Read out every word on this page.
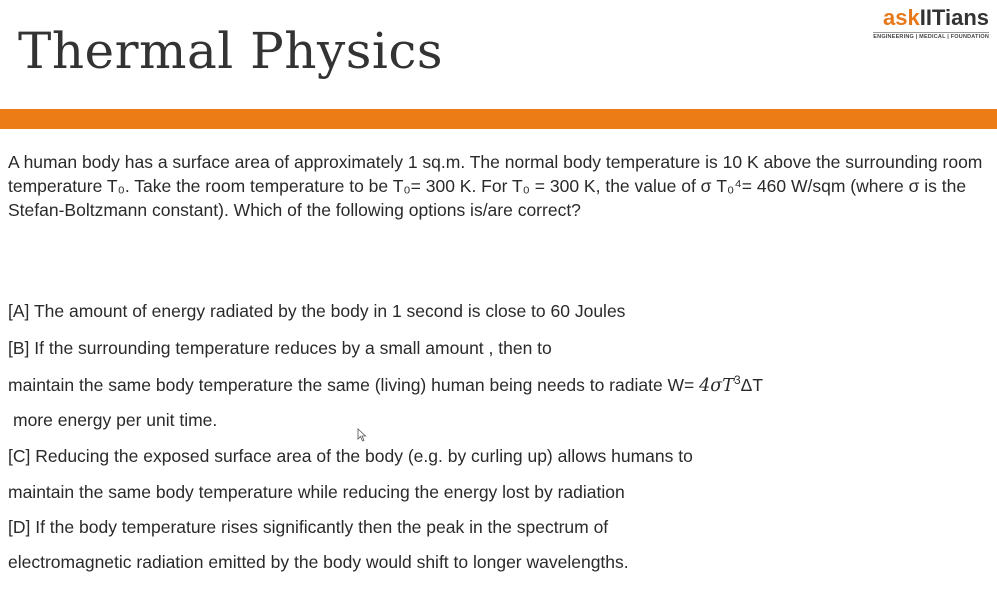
Thermal Physics
askIITians
ENGINEERING | MEDICAL | FOUNDATION

A human body has a surface area of approximately 1 sq.m. The normal body temperature is 10 K above the surrounding room temperature T₀. Take the room temperature to be T₀= 300 K. For T₀ = 300 K, the value of σ T₀⁴= 460 W/sqm (where σ is the Stefan-Boltzmann constant). Which of the following options is/are correct?

[A] The amount of energy radiated by the body in 1 second is close to 60 Joules

[B] If the surrounding temperature reduces by a small amount , then to

maintain the same body temperature the same (living) human being needs to radiate $W= 4\sigma T^3\Delta T$

more energy per unit time.

[C] Reducing the exposed surface area of the body (e.g. by curling up) allows humans to

maintain the same body temperature while reducing the energy lost by radiation

[D] If the body temperature rises significantly then the peak in the spectrum of

electromagnetic radiation emitted by the body would shift to longer wavelengths.
